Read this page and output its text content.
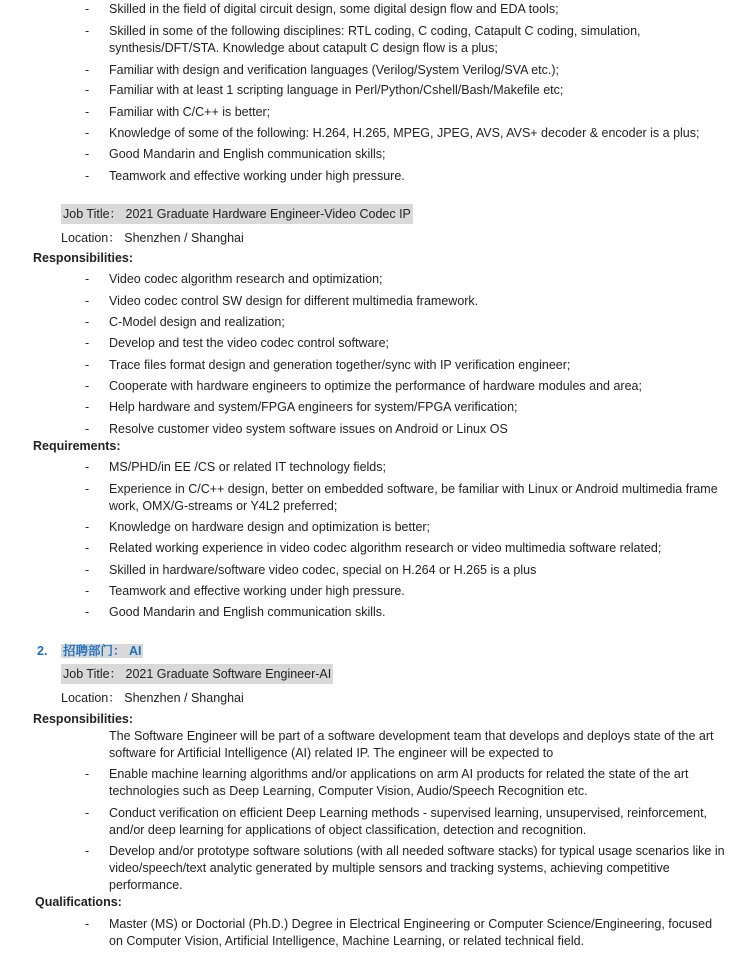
- Skilled in the field of digital circuit design, some digital design flow and EDA tools;

- Skilled in some of the following disciplines: RTL coding, C coding, Catapult C coding, simulation, synthesis/DFT/STA. Knowledge about catapult C design flow is a plus;

- Familiar with design and verification languages (Verilog/System Verilog/SVA etc.);

- Familiar with at least 1 scripting language in Perl/Python/Cshell/Bash/Makefile etc;

- Familiar with C/C++ is better;

- Knowledge of some of the following: H.264, H.265, MPEG, JPEG, AVS, AVS+ decoder & encoder is a plus;

- Good Mandarin and English communication skills;

- Teamwork and effective working under high pressure.

Job Title： 2021 Graduate Hardware Engineer-Video Codec IP
Location： Shenzhen / Shanghai
Responsibilities:

- Video codec algorithm research and optimization;

- Video codec control SW design for different multimedia framework.

- C-Model design and realization;

- Develop and test the video codec control software;

- Trace files format design and generation together/sync with IP verification engineer;

- Cooperate with hardware engineers to optimize the performance of hardware modules and area;

- Help hardware and system/FPGA engineers for system/FPGA verification;

- Resolve customer video system software issues on Android or Linux OS

Requirements:

- MS/PHD/in EE /CS or related IT technology fields;

- Experience in C/C++ design, better on embedded software, be familiar with Linux or Android multimedia frame work, OMX/G-streams or Y4L2 preferred;

- Knowledge on hardware design and optimization is better;

- Related working experience in video codec algorithm research or video multimedia software related;

- Skilled in hardware/software video codec, special on H.264 or H.265 is a plus

- Teamwork and effective working under high pressure.

- Good Mandarin and English communication skills.

2. 招聘部门： AI
Job Title： 2021 Graduate Software Engineer-AI
Location： Shenzhen / Shanghai
Responsibilities:

The Software Engineer will be part of a software development team that develops and deploys state of the art software for Artificial Intelligence (AI) related IP. The engineer will be expected to

- Enable machine learning algorithms and/or applications on arm AI products for related the state of the art technologies such as Deep Learning, Computer Vision, Audio/Speech Recognition etc.

- Conduct verification on efficient Deep Learning methods - supervised learning, unsupervised, reinforcement, and/or deep learning for applications of object classification, detection and recognition.

- Develop and/or prototype software solutions (with all needed software stacks) for typical usage scenarios like in video/speech/text analytic generated by multiple sensors and tracking systems, achieving competitive performance.

Qualifications:

- Master (MS) or Doctorial (Ph.D.) Degree in Electrical Engineering or Computer Science/Engineering, focused on Computer Vision, Artificial Intelligence, Machine Learning, or related technical field.
